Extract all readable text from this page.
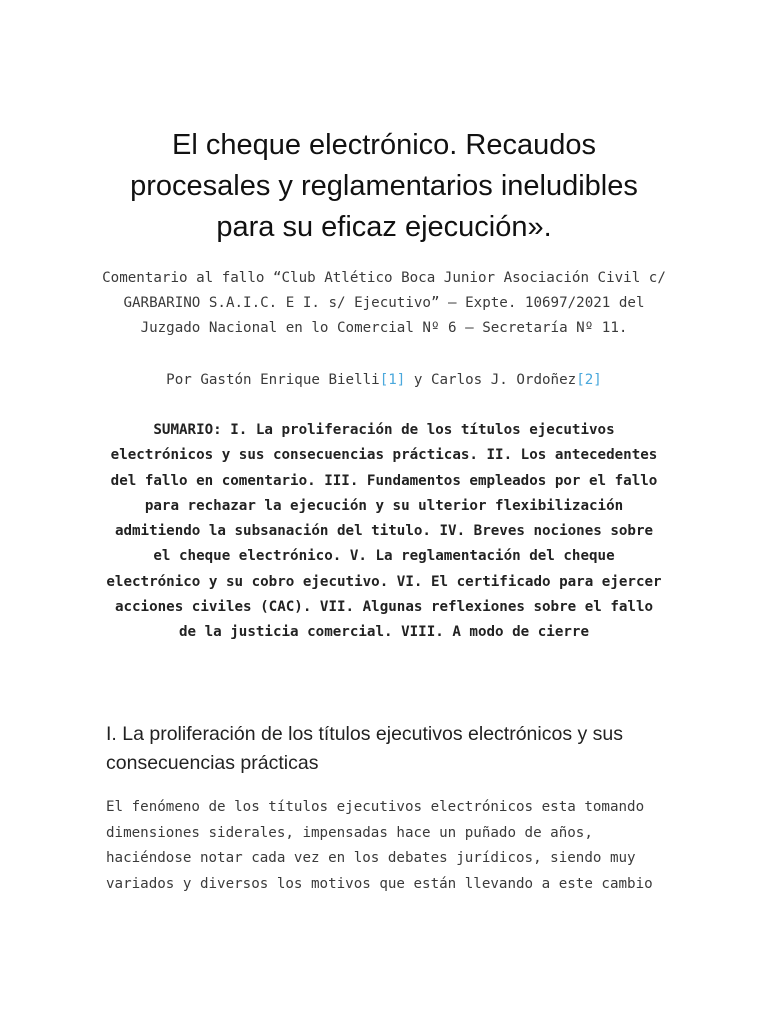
El cheque electrónico. Recaudos procesales y reglamentarios ineludibles para su eficaz ejecución».

Comentario al fallo “Club Atlético Boca Junior Asociación Civil c/ GARBARINO S.A.I.C. E I. s/ Ejecutivo” – Expte. 10697/2021 del Juzgado Nacional en lo Comercial Nº 6 – Secretaría Nº 11.

Por Gastón Enrique Bielli[1] y Carlos J. Ordoñez[2]

SUMARIO: I. La proliferación de los títulos ejecutivos electrónicos y sus consecuencias prácticas. II. Los antecedentes del fallo en comentario. III. Fundamentos empleados por el fallo para rechazar la ejecución y su ulterior flexibilización admitiendo la subsanación del titulo. IV. Breves nociones sobre el cheque electrónico. V. La reglamentación del cheque electrónico y su cobro ejecutivo. VI. El certificado para ejercer acciones civiles (CAC). VII. Algunas reflexiones sobre el fallo de la justicia comercial. VIII. A modo de cierre

I. La proliferación de los títulos ejecutivos electrónicos y sus consecuencias prácticas

El fenómeno de los títulos ejecutivos electrónicos esta tomando
dimensiones siderales, impensadas hace un puñado de años,
haciéndose notar cada vez en los debates jurídicos, siendo muy
variados y diversos los motivos que están llevando a este cambio
